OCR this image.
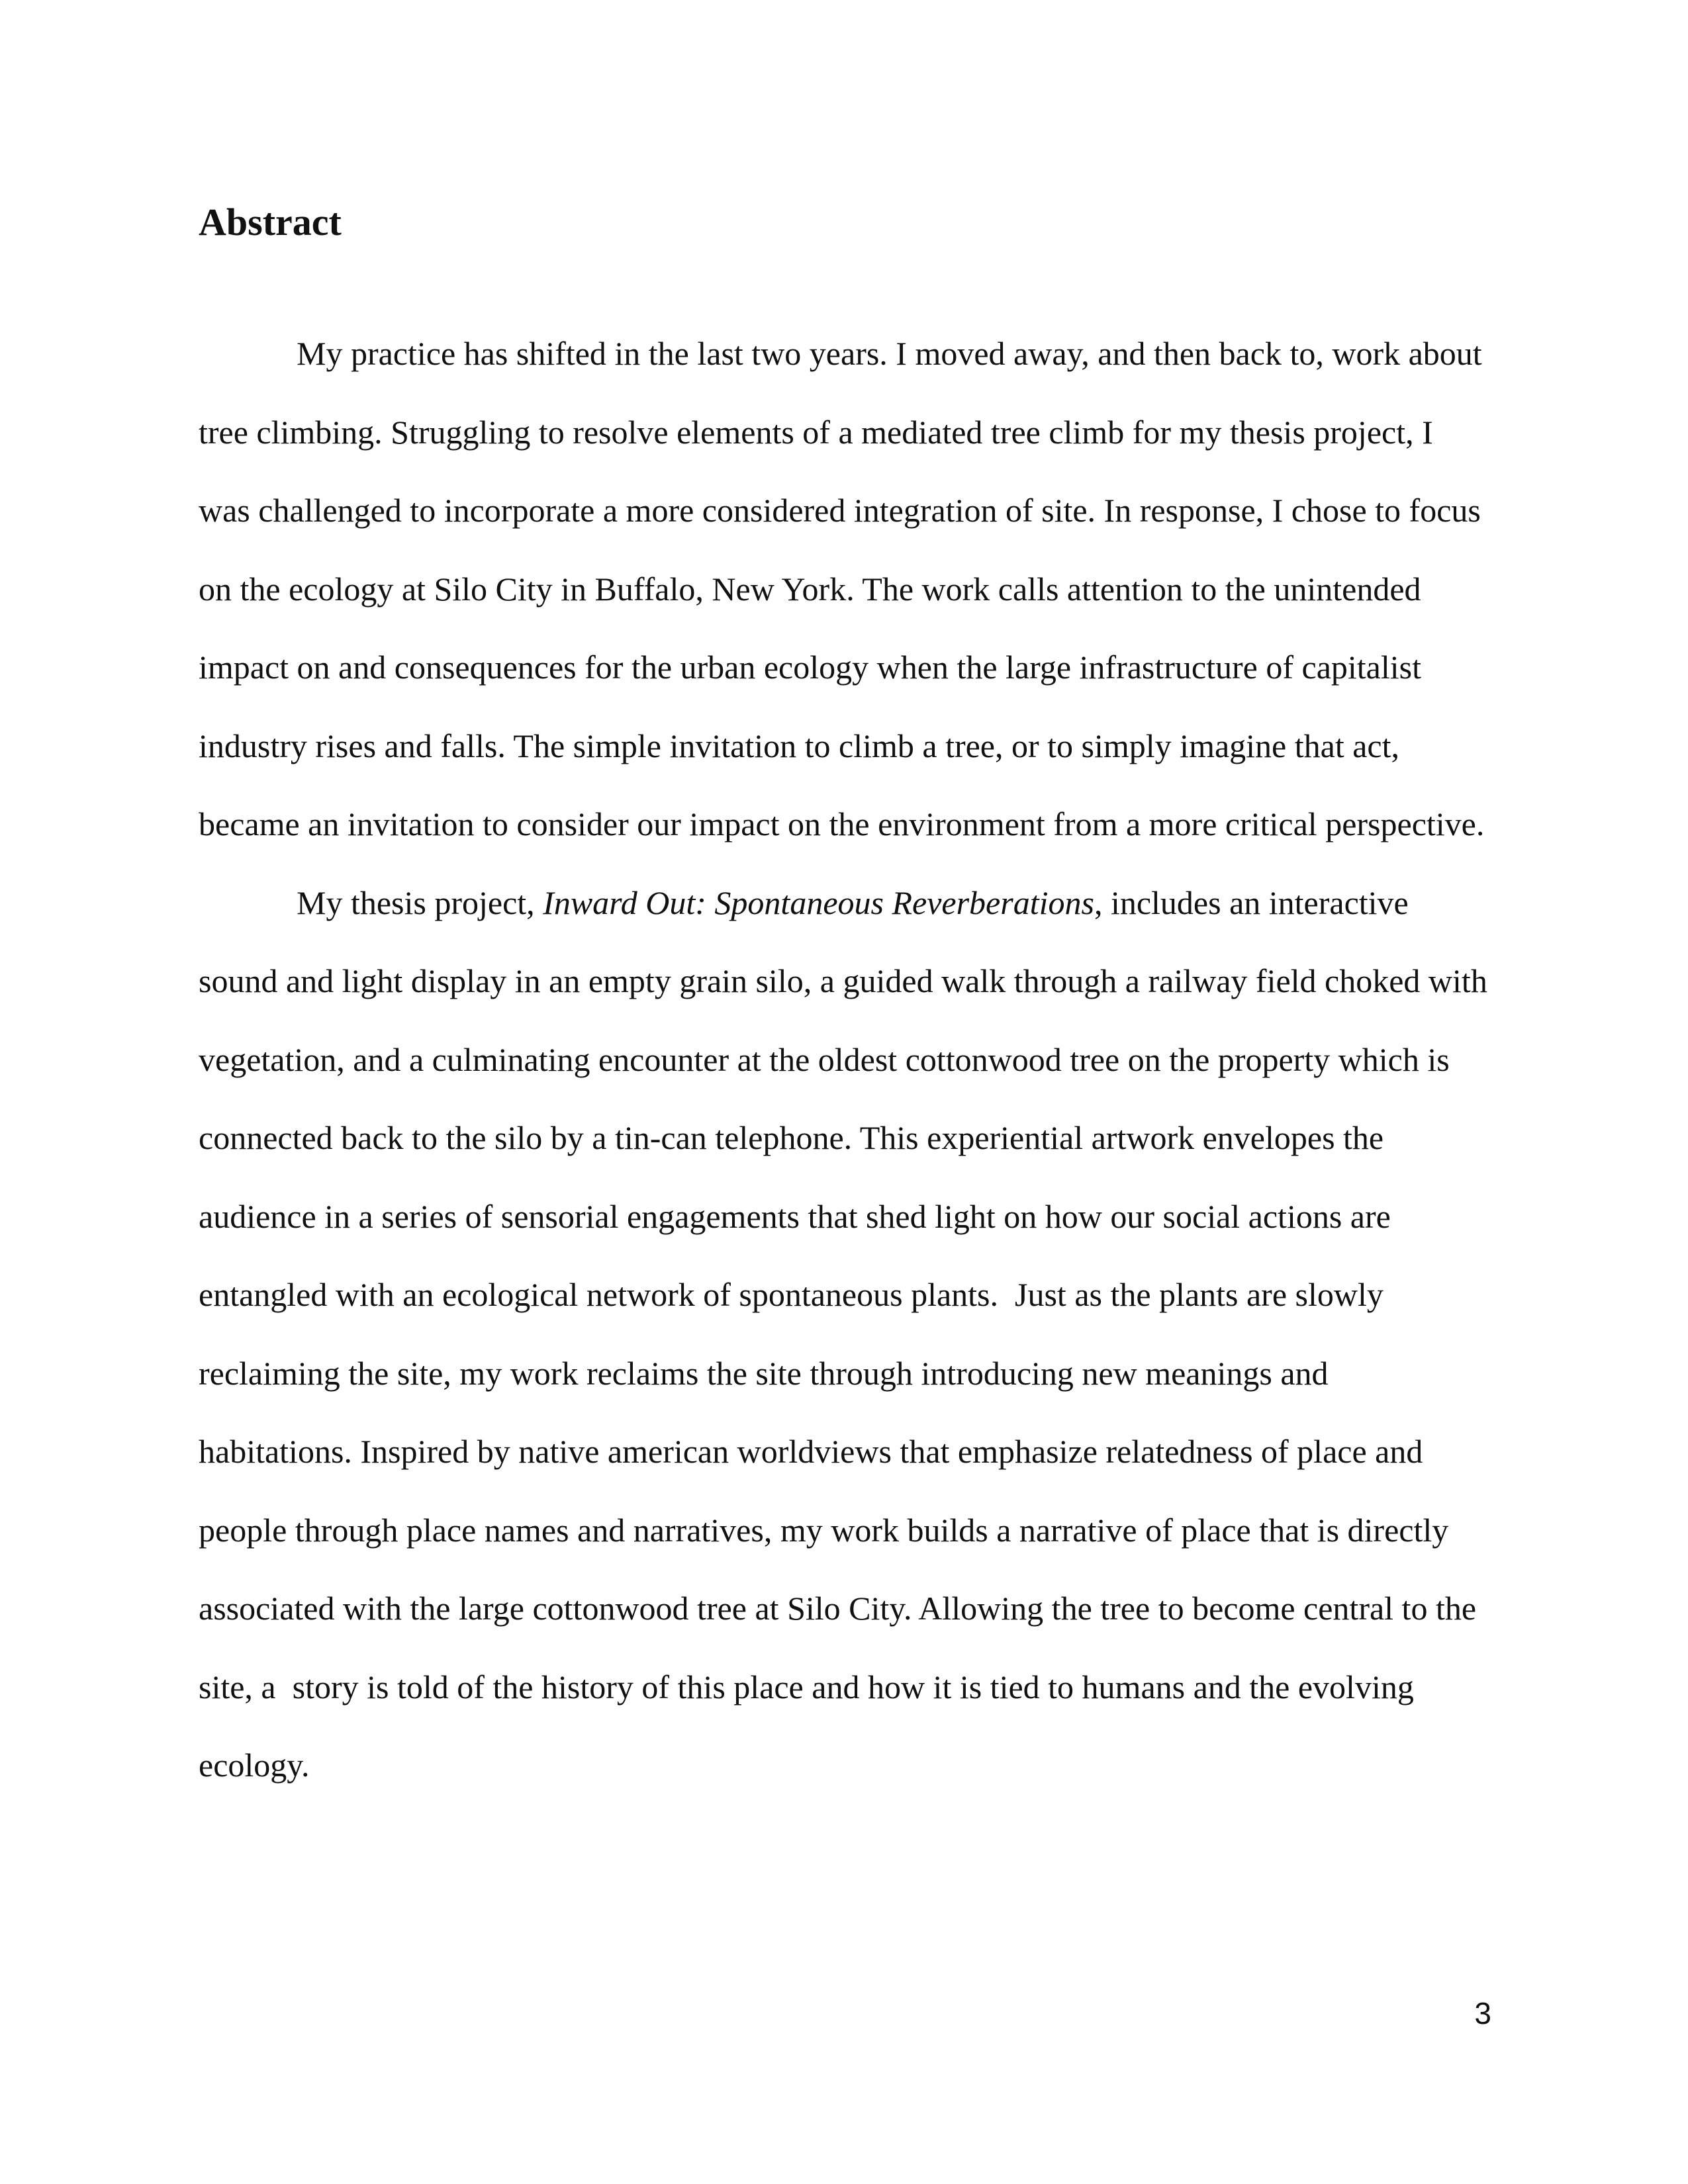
Abstract
My practice has shifted in the last two years. I moved away, and then back to, work about
tree climbing. Struggling to resolve elements of a mediated tree climb for my thesis project, I
was challenged to incorporate a more considered integration of site. In response, I chose to focus
on the ecology at Silo City in Buffalo, New York. The work calls attention to the unintended
impact on and consequences for the urban ecology when the large infrastructure of capitalist
industry rises and falls. The simple invitation to climb a tree, or to simply imagine that act,
became an invitation to consider our impact on the environment from a more critical perspective.
My thesis project, Inward Out: Spontaneous Reverberations, includes an interactive
sound and light display in an empty grain silo, a guided walk through a railway field choked with
vegetation, and a culminating encounter at the oldest cottonwood tree on the property which is
connected back to the silo by a tin-can telephone. This experiential artwork envelopes the
audience in a series of sensorial engagements that shed light on how our social actions are
entangled with an ecological network of spontaneous plants.  Just as the plants are slowly
reclaiming the site, my work reclaims the site through introducing new meanings and
habitations. Inspired by native american worldviews that emphasize relatedness of place and
people through place names and narratives, my work builds a narrative of place that is directly
associated with the large cottonwood tree at Silo City. Allowing the tree to become central to the
site, a  story is told of the history of this place and how it is tied to humans and the evolving
ecology.
3
